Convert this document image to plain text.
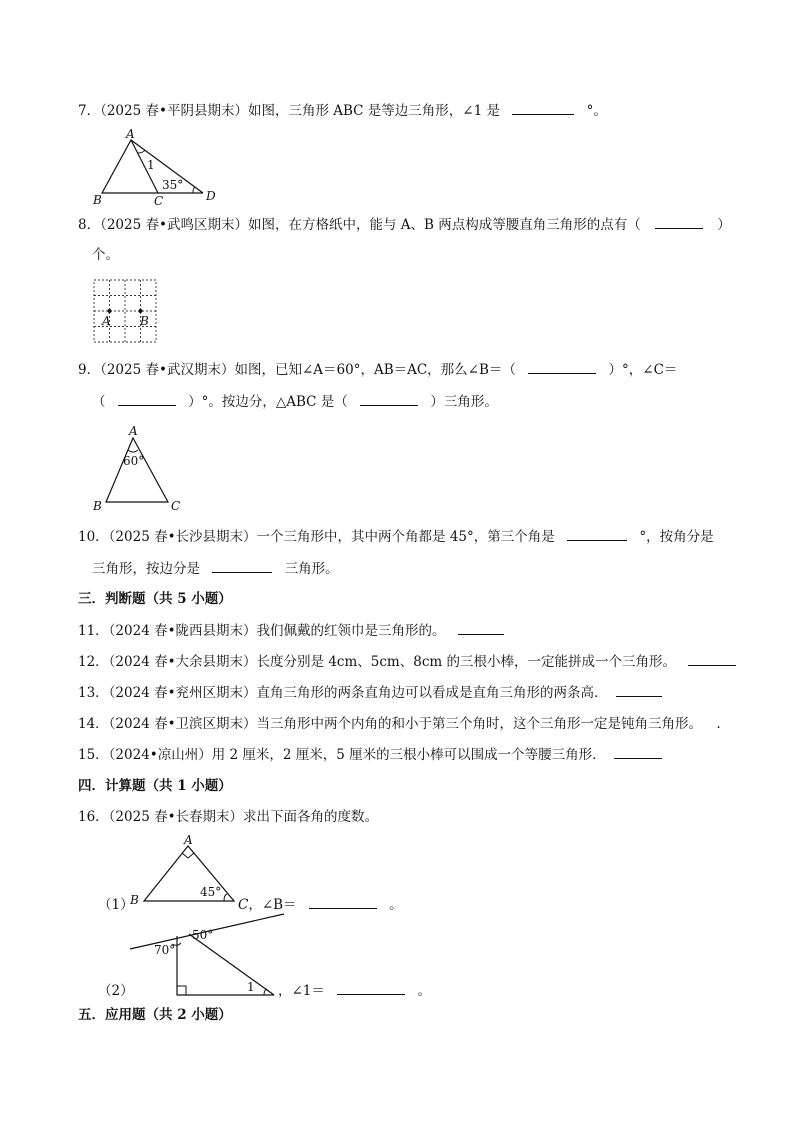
7．（2025 春•平阴县期末）如图，三角形 ABC 是等边三角形，∠1 是	°。
A
B	C	D
1
35°
8．（2025 春•武鸣区期末）如图，在方格纸中，能与 A、B 两点构成等腰直角三角形的点有（	）
个。
A B
9．（2025 春•武汉期末）如图，已知∠A＝60°，AB＝AC，那么∠B＝（	）°，∠C＝
（	）°。按边分，△ABC 是（	）三角形。
A
B	C
60°
10．（2025 春•长沙县期末）一个三角形中，其中两个角都是 45°，第三个角是	°，按角分是
三角形，按边分是	三角形。
三．判断题（共 5 小题）
11．（2024 春•陇西县期末）我们佩戴的红领巾是三角形的。
12．（2024 春•大余县期末）长度分别是 4cm、5cm、8cm 的三根小棒，一定能拼成一个三角形。
13．（2024 春•兖州区期末）直角三角形的两条直角边可以看成是直角三角形的两条高．
14．（2024 春•卫滨区期末）当三角形中两个内角的和小于第三个角时，这个三角形一定是钝角三角形。 .
15．（2024•凉山州）用 2 厘米，2 厘米，5 厘米的三根小棒可以围成一个等腰三角形．
四．计算题（共 1 小题）
16．（2025 春•长春期末）求出下面各角的度数。
A
B
45°
（1）	C，∠B＝	。
70°
50°
1
（2）	，∠1＝	。
五．应用题（共 2 小题）
